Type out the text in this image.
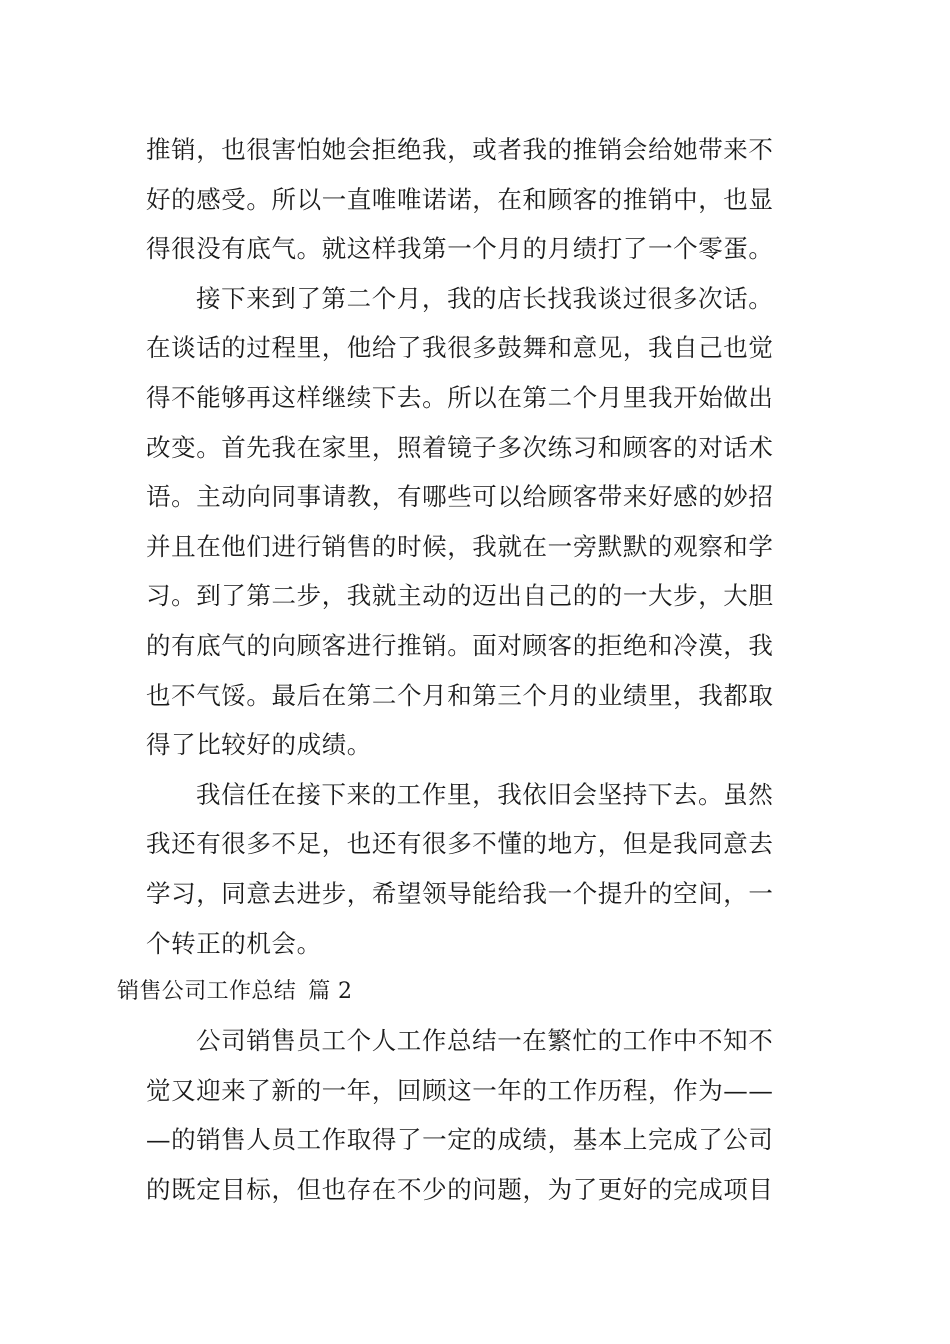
推销，也很害怕她会拒绝我，或者我的推销会给她带来不
好的感受。所以一直唯唯诺诺，在和顾客的推销中，也显
得很没有底气。就这样我第一个月的月绩打了一个零蛋。
接下来到了第二个月，我的店长找我谈过很多次话。
在谈话的过程里，他给了我很多鼓舞和意见，我自己也觉
得不能够再这样继续下去。所以在第二个月里我开始做出
改变。首先我在家里，照着镜子多次练习和顾客的对话术
语。主动向同事请教，有哪些可以给顾客带来好感的妙招
并且在他们进行销售的时候，我就在一旁默默的观察和学
习。到了第二步，我就主动的迈出自己的的一大步，大胆
的有底气的向顾客进行推销。面对顾客的拒绝和冷漠，我
也不气馁。最后在第二个月和第三个月的业绩里，我都取
得了比较好的成绩。
我信任在接下来的工作里，我依旧会坚持下去。虽然
我还有很多不足，也还有很多不懂的地方，但是我同意去
学习，同意去进步，希望领导能给我一个提升的空间，一
个转正的机会。
销售公司工作总结 篇 2
公司销售员工个人工作总结一在繁忙的工作中不知不
觉又迎来了新的一年，回顾这一年的工作历程，作为——
—的销售人员工作取得了一定的成绩，基本上完成了公司
的既定目标，但也存在不少的问题，为了更好的完成项目
